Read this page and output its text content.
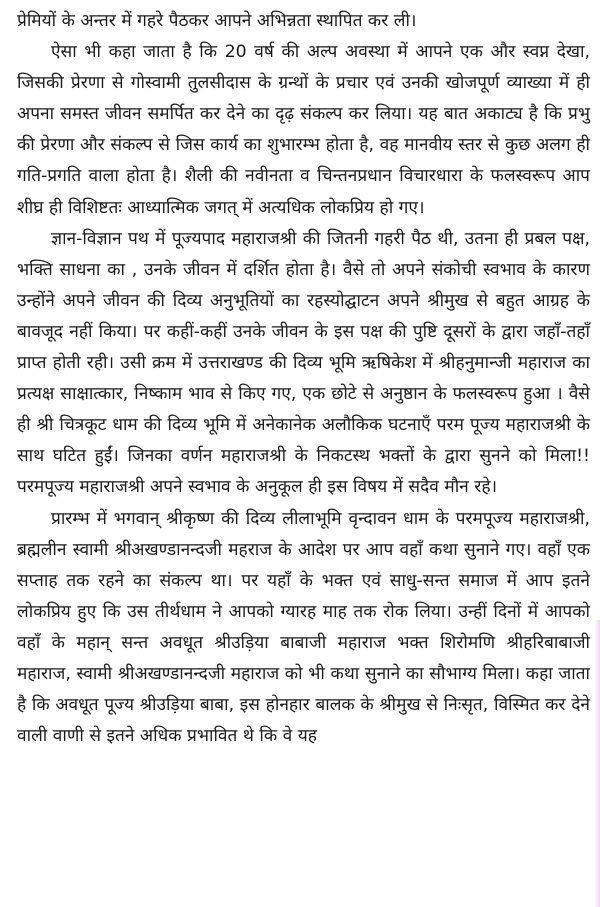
प्रेमियों के अन्तर में गहरे पैठकर आपने अभिन्नता स्थापित कर ली।

ऐसा भी कहा जाता है कि 20 वर्ष की अल्प अवस्था में आपने एक और स्वप्न देखा, जिसकी प्रेरणा से गोस्वामी तुलसीदास के ग्रन्थों के प्रचार एवं उनकी खोजपूर्ण व्याख्या में ही अपना समस्त जीवन समर्पित कर देने का दृढ़ संकल्प कर लिया। यह बात अकाट्य है कि प्रभु की प्रेरणा और संकल्प से जिस कार्य का शुभारम्भ होता है, वह मानवीय स्तर से कुछ अलग ही गति-प्रगति वाला होता है। शैली की नवीनता व चिन्तनप्रधान विचारधारा के फलस्वरूप आप शीघ्र ही विशिष्टतः आध्यात्मिक जगत् में अत्यधिक लोकप्रिय हो गए।

ज्ञान-विज्ञान पथ में पूज्यपाद महाराजश्री की जितनी गहरी पैठ थी, उतना ही प्रबल पक्ष, भक्ति साधना का , उनके जीवन में दर्शित होता है। वैसे तो अपने संकोची स्वभाव के कारण उन्होंने अपने जीवन की दिव्य अनुभूतियों का रहस्योद्घाटन अपने श्रीमुख से बहुत आग्रह के बावजूद नहीं किया। पर कहीं-कहीं उनके जीवन के इस पक्ष की पुष्टि दूसरों के द्वारा जहाँ-तहाँ प्राप्त होती रही। उसी क्रम में उत्तराखण्ड की दिव्य भूमि ऋषिकेश में श्रीहनुमान्जी महाराज का प्रत्यक्ष साक्षात्कार, निष्काम भाव से किए गए, एक छोटे से अनुष्ठान के फलस्वरूप हुआ । वैसे ही श्री चित्रकूट धाम की दिव्य भूमि में अनेकानेक अलौकिक घटनाएँ परम पूज्य महाराजश्री के साथ घटित हुईं। जिनका वर्णन महाराजश्री के निकटस्थ भक्तों के द्वारा सुनने को मिला!! परमपूज्य महाराजश्री अपने स्वभाव के अनुकूल ही इस विषय में सदैव मौन रहे।

प्रारम्भ में भगवान् श्रीकृष्ण की दिव्य लीलाभूमि वृन्दावन धाम के परमपूज्य महाराजश्री, ब्रह्मलीन स्वामी श्रीअखण्डानन्दजी महराज के आदेश पर आप वहाँ कथा सुनाने गए। वहाँ एक सप्ताह तक रहने का संकल्प था। पर यहाँ के भक्त एवं साधु-सन्त समाज में आप इतने लोकप्रिय हुए कि उस तीर्थधाम ने आपको ग्यारह माह तक रोक लिया। उन्हीं दिनों में आपको वहाँ के महान् सन्त अवधूत श्रीउड़िया बाबाजी महाराज भक्त शिरोमणि श्रीहरिबाबाजी महाराज, स्वामी श्रीअखण्डानन्दजी महाराज को भी कथा सुनाने का सौभाग्य मिला। कहा जाता है कि अवधूत पूज्य श्रीउड़िया बाबा, इस होनहार बालक के श्रीमुख से निःसृत, विस्मित कर देने वाली वाणी से इतने अधिक प्रभावित थे कि वे यह
